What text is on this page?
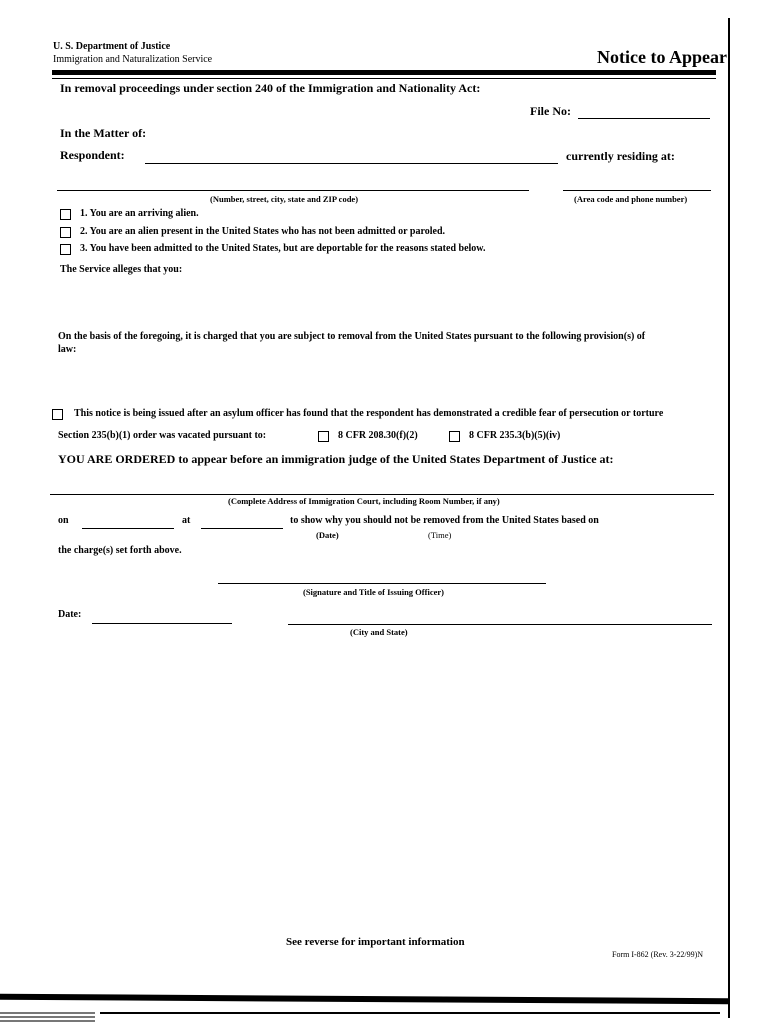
U. S. Department of Justice
Immigration and Naturalization Service	Notice to Appear
In removal proceedings under section 240 of the Immigration and Nationality Act:
File No:
In the Matter of:
Respondent:	currently residing at:
(Number, street, city, state and ZIP code)	(Area code and phone number)
1. You are an arriving alien.
2. You are an alien present in the United States who has not been admitted or paroled.
3. You have been admitted to the United States, but are deportable for the reasons stated below.
The Service alleges that you:
On the basis of the foregoing, it is charged that you are subject to removal from the United States pursuant to the following provision(s) of
law:
This notice is being issued after an asylum officer has found that the respondent has demonstrated a credible fear of persecution or torture
Section 235(b)(1) order was vacated pursuant to:	8 CFR 208.30(f)(2)	8 CFR 235.3(b)(5)(iv)
YOU ARE ORDERED to appear before an immigration judge of the United States Department of Justice at:
(Complete Address of Immigration Court, including Room Number, if any)
on	at	to show why you should not be removed from the United States based on
(Date)	(Time)
the charge(s) set forth above.
(Signature and Title of Issuing Officer)
Date:
(City and State)
See reverse for important information
Form I-862 (Rev. 3-22/99)N
